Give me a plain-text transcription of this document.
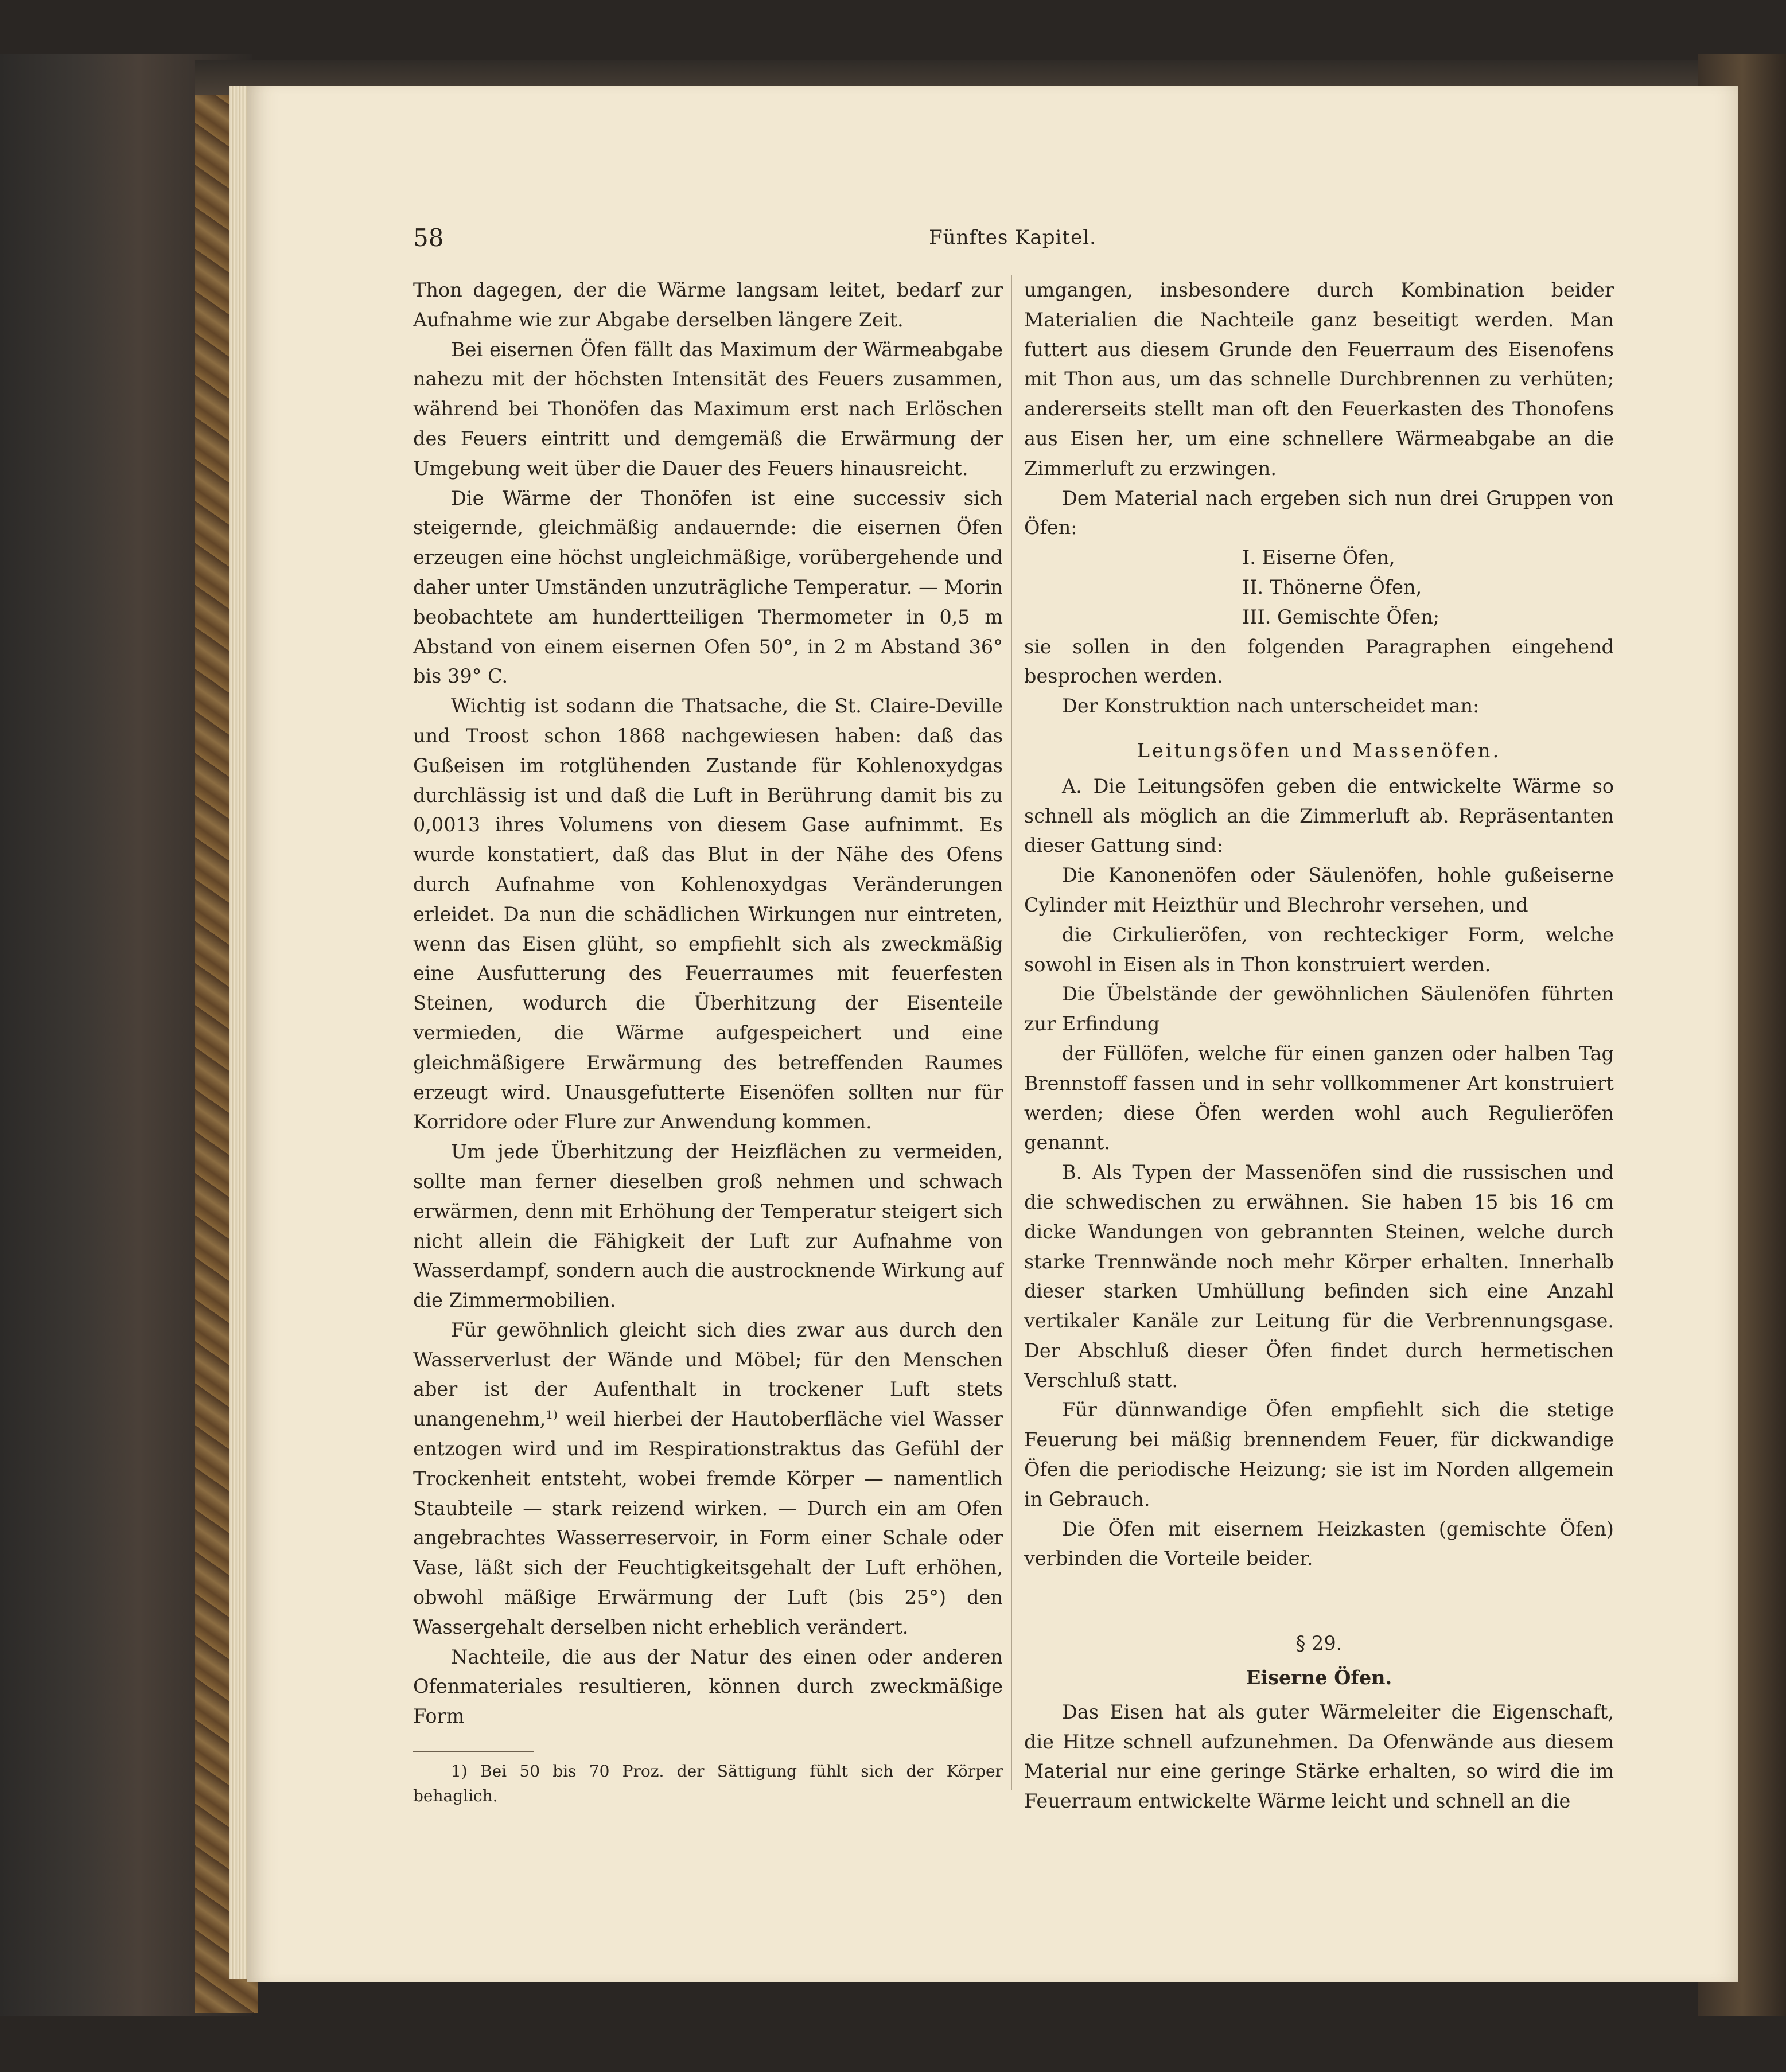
58	Fünftes Kapitel.

Thon dagegen, der die Wärme langsam leitet, bedarf zur Aufnahme wie zur Abgabe derselben längere Zeit.

Bei eisernen Öfen fällt das Maximum der Wärmeabgabe nahezu mit der höchsten Intensität des Feuers zusammen, während bei Thonöfen das Maximum erst nach Erlöschen des Feuers eintritt und demgemäß die Erwärmung der Umgebung weit über die Dauer des Feuers hinausreicht.

Die Wärme der Thonöfen ist eine successiv sich steigernde, gleichmäßig andauernde: die eisernen Öfen erzeugen eine höchst ungleichmäßige, vorübergehende und daher unter Umständen unzuträgliche Temperatur. — Morin beobachtete am hundertteiligen Thermometer in 0,5 m Abstand von einem eisernen Ofen 50°, in 2 m Abstand 36° bis 39° C.

Wichtig ist sodann die Thatsache, die St. Claire-Deville und Troost schon 1868 nachgewiesen haben: daß das Gußeisen im rotglühenden Zustande für Kohlenoxydgas durchlässig ist und daß die Luft in Berührung damit bis zu 0,0013 ihres Volumens von diesem Gase aufnimmt. Es wurde konstatiert, daß das Blut in der Nähe des Ofens durch Aufnahme von Kohlenoxydgas Veränderungen erleidet. Da nun die schädlichen Wirkungen nur eintreten, wenn das Eisen glüht, so empfiehlt sich als zweckmäßig eine Ausfutterung des Feuerraumes mit feuerfesten Steinen, wodurch die Überhitzung der Eisenteile vermieden, die Wärme aufgespeichert und eine gleichmäßigere Erwärmung des betreffenden Raumes erzeugt wird. Unausgefutterte Eisenöfen sollten nur für Korridore oder Flure zur Anwendung kommen.

Um jede Überhitzung der Heizflächen zu vermeiden, sollte man ferner dieselben groß nehmen und schwach erwärmen, denn mit Erhöhung der Temperatur steigert sich nicht allein die Fähigkeit der Luft zur Aufnahme von Wasserdampf, sondern auch die austrocknende Wirkung auf die Zimmermobilien.

Für gewöhnlich gleicht sich dies zwar aus durch den Wasserverlust der Wände und Möbel; für den Menschen aber ist der Aufenthalt in trockener Luft stets unangenehm,$^{1)}$ weil hierbei der Hautoberfläche viel Wasser entzogen wird und im Respirationstraktus das Gefühl der Trockenheit entsteht, wobei fremde Körper — namentlich Staubteile — stark reizend wirken. — Durch ein am Ofen angebrachtes Wasserreservoir, in Form einer Schale oder Vase, läßt sich der Feuchtigkeitsgehalt der Luft erhöhen, obwohl mäßige Erwärmung der Luft (bis 25°) den Wassergehalt derselben nicht erheblich verändert.

Nachteile, die aus der Natur des einen oder anderen Ofenmateriales resultieren, können durch zweckmäßige Form

1) Bei 50 bis 70 Proz. der Sättigung fühlt sich der Körper behaglich.

umgangen, insbesondere durch Kombination beider Materialien die Nachteile ganz beseitigt werden. Man futtert aus diesem Grunde den Feuerraum des Eisenofens mit Thon aus, um das schnelle Durchbrennen zu verhüten; andererseits stellt man oft den Feuerkasten des Thonofens aus Eisen her, um eine schnellere Wärmeabgabe an die Zimmerluft zu erzwingen.

Dem Material nach ergeben sich nun drei Gruppen von Öfen:

I. Eiserne Öfen,
II. Thönerne Öfen,
III. Gemischte Öfen;

sie sollen in den folgenden Paragraphen eingehend besprochen werden.

Der Konstruktion nach unterscheidet man:

Leitungsöfen und Massenöfen.

A. Die Leitungsöfen geben die entwickelte Wärme so schnell als möglich an die Zimmerluft ab. Repräsentanten dieser Gattung sind:

Die Kanonenöfen oder Säulenöfen, hohle gußeiserne Cylinder mit Heizthür und Blechrohr versehen, und

die Cirkulieröfen, von rechteckiger Form, welche sowohl in Eisen als in Thon konstruiert werden.

Die Übelstände der gewöhnlichen Säulenöfen führten zur Erfindung

der Füllöfen, welche für einen ganzen oder halben Tag Brennstoff fassen und in sehr vollkommener Art konstruiert werden; diese Öfen werden wohl auch Regulieröfen genannt.

B. Als Typen der Massenöfen sind die russischen und die schwedischen zu erwähnen. Sie haben 15 bis 16 cm dicke Wandungen von gebrannten Steinen, welche durch starke Trennwände noch mehr Körper erhalten. Innerhalb dieser starken Umhüllung befinden sich eine Anzahl vertikaler Kanäle zur Leitung für die Verbrennungsgase. Der Abschluß dieser Öfen findet durch hermetischen Verschluß statt.

Für dünnwandige Öfen empfiehlt sich die stetige Feuerung bei mäßig brennendem Feuer, für dickwandige Öfen die periodische Heizung; sie ist im Norden allgemein in Gebrauch.

Die Öfen mit eisernem Heizkasten (gemischte Öfen) verbinden die Vorteile beider.

§ 29.
Eiserne Öfen.

Das Eisen hat als guter Wärmeleiter die Eigenschaft, die Hitze schnell aufzunehmen. Da Ofenwände aus diesem Material nur eine geringe Stärke erhalten, so wird die im Feuerraum entwickelte Wärme leicht und schnell an die
